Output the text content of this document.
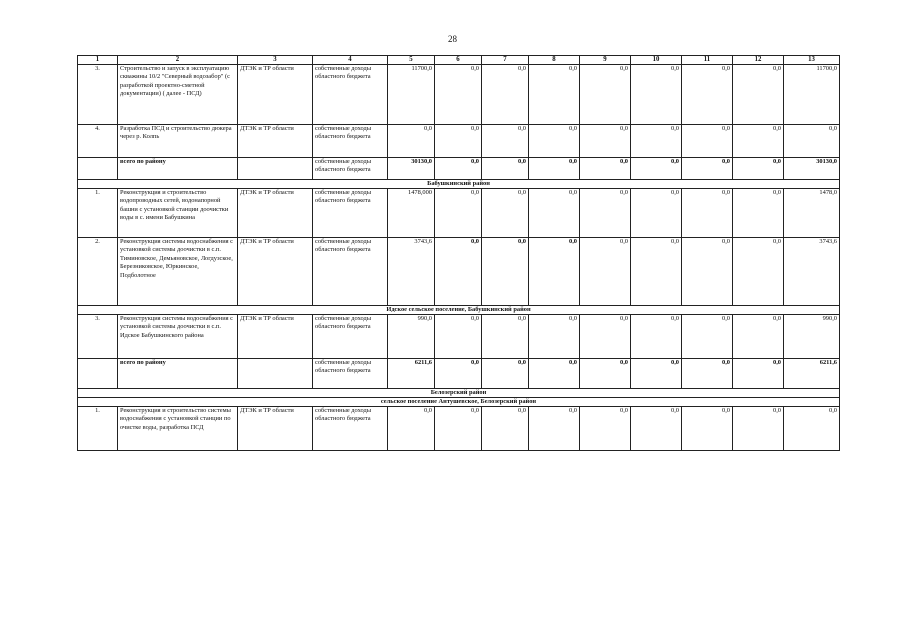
28
1	2	3	4	5	6	7	8	9	10	11	12	13
3.	Строительство и запуск в эксплуатацию скважины 10/2 "Северный водозабор" (с разработкой проектно-сметной документации) ( далее - ПСД)	ДТЭК и ТР области	собственные доходы областного бюджета	11700,0	0,0	0,0	0,0	0,0	0,0	0,0	0,0	11700,0
4.	Разработка ПСД и строительство дюкера через р. Колпь	ДТЭК и ТР области	собственные доходы областного бюджета	0,0	0,0	0,0	0,0	0,0	0,0	0,0	0,0	0,0
	всего по району		собственные доходы областного бюджета	30130,0	0,0	0,0	0,0	0,0	0,0	0,0	0,0	30130,0
Бабушкинский район												
1.	Реконструкция и строительство водопроводных сетей, водонапорной башни с установкой станции доочистки воды в с. имени Бабушкина	ДТЭК и ТР области	собственные доходы областного бюджета	1478,000	0,0	0,0	0,0	0,0	0,0	0,0	0,0	1478,0
2.	Реконструкция системы водоснабжения с установкой системы доочистки в с.п. Тиминовское, Демьяновское, Логдузское, Березниковское, Юркинское, Подболотное	ДТЭК и ТР области	собственные доходы областного бюджета	3743,6	0,0	0,0	0,0	0,0	0,0	0,0	0,0	3743,6
Идское сельское поселение, Бабушкинский район												
3.	Реконструкция системы водоснабжения с установкой системы доочистки в с.п. Идское Бабушкинского района	ДТЭК и ТР области	собственные доходы областного бюджета	990,0	0,0	0,0	0,0	0,0	0,0	0,0	0,0	990,0
	всего по району		собственные доходы областного бюджета	6211,6	0,0	0,0	0,0	0,0	0,0	0,0	0,0	6211,6
Белозерский район												
сельское поселение Антушевское, Белозерский район												
1.	Реконструкция и строительство системы водоснабжения с установкой станции по очистке воды, разработка ПСД	ДТЭК и ТР области	собственные доходы областного бюджета	0,0	0,0	0,0	0,0	0,0	0,0	0,0	0,0	0,0
